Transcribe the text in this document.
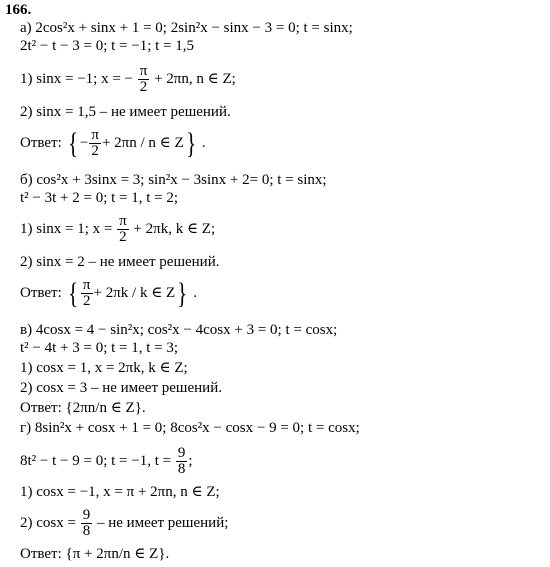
166.
а) 2cos²x + sinx + 1 = 0; 2sin²x − sinx − 3 = 0; t = sinx;
2t² − t − 3 = 0; t = −1; t = 1,5
1) sinx = −1; x = − $\frac{\pi}{2} + 2\pi n$, n ∈ Z;
2) sinx = 1,5 – не имеет решений.
Ответ: { − $\frac{\pi}{2} + 2\pi n / n$ ∈ Z} .
б) cos²x + 3sinx = 3; sin²x − 3sinx + 2= 0; t = sinx;
t² − 3t + 2 = 0; t = 1, t = 2;
1) sinx = 1; $x = \frac{\pi}{2} + 2\pi k$, k ∈ Z;
2) sinx = 2 – не имеет решений.
Ответ: { $\frac{\pi}{2} + 2\pi k / k$ ∈ Z} .
в) 4cosx = 4 − sin²x; cos²x − 4cosx + 3 = 0; t = cosx;
t² − 4t + 3 = 0; t = 1, t = 3;
1) cosx = 1, x = 2πk, k ∈ Z;
2) cosx = 3 – не имеет решений.
Ответ: {2πn/n ∈ Z}.
г) 8sin²x + cosx + 1 = 0; 8cos²x − cosx − 9 = 0; t = cosx;
8t² − t − 9 = 0; t = −1, $t = \frac{9}{8}$ ;
1) cosx = −1, x = π + 2πn, n ∈ Z;
2) $\cos x = \frac{9}{8}$ – не имеет решений;
Ответ: {π + 2πn/n ∈ Z}.
